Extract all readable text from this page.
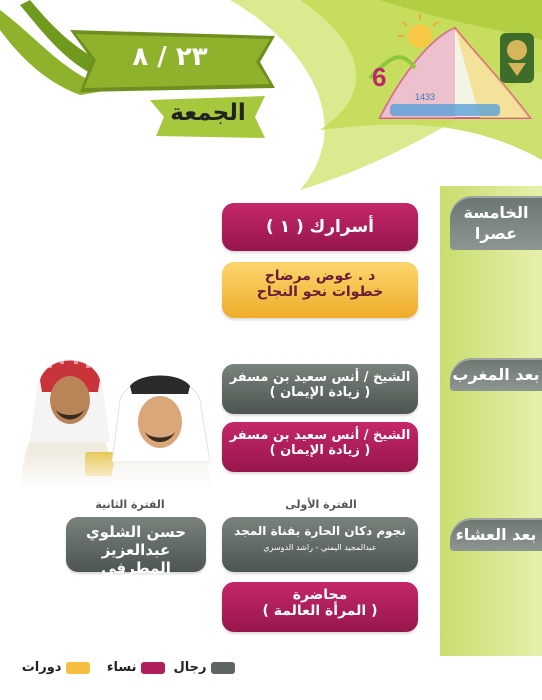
٢٣ / ٨
الجمعة
6
1433
الخامسة عصرا
بعد المغرب
بعد العشاء
أسرارك ( ١ )
د . عوض مرضاح
خطوات نحو النجاح
الشيخ / أنس سعيد بن مسفر
( زيادة الإيمان )
الشيخ / أنس سعيد بن مسفر
( زيادة الإيمان )
الفترة الأولى
الفترة الثانية
نجوم دكان الحارة بقناة المجد
عبدالمجيد اليمني - راشد الدوسري
حسن الشلوي
عبدالعزيز المطرفي
محاضرة
( المرأة العالمة )
رجال
نساء
دورات
